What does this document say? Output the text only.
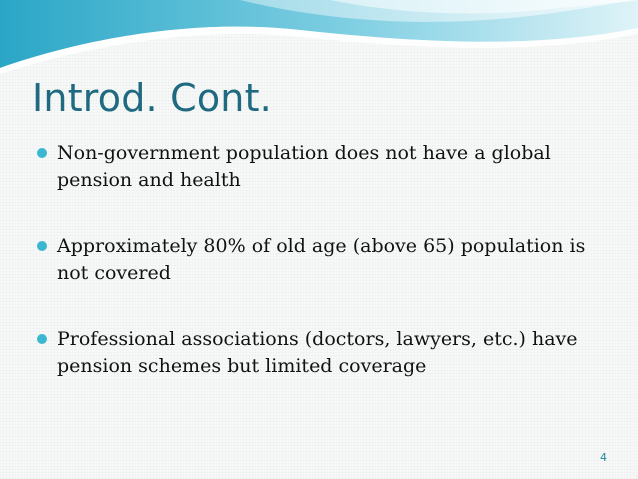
Introd. Cont.
Non-government population does not have a global pension and health
Approximately 80% of old age (above 65) population is not covered
Professional associations (doctors, lawyers, etc.) have pension schemes but limited coverage
4
